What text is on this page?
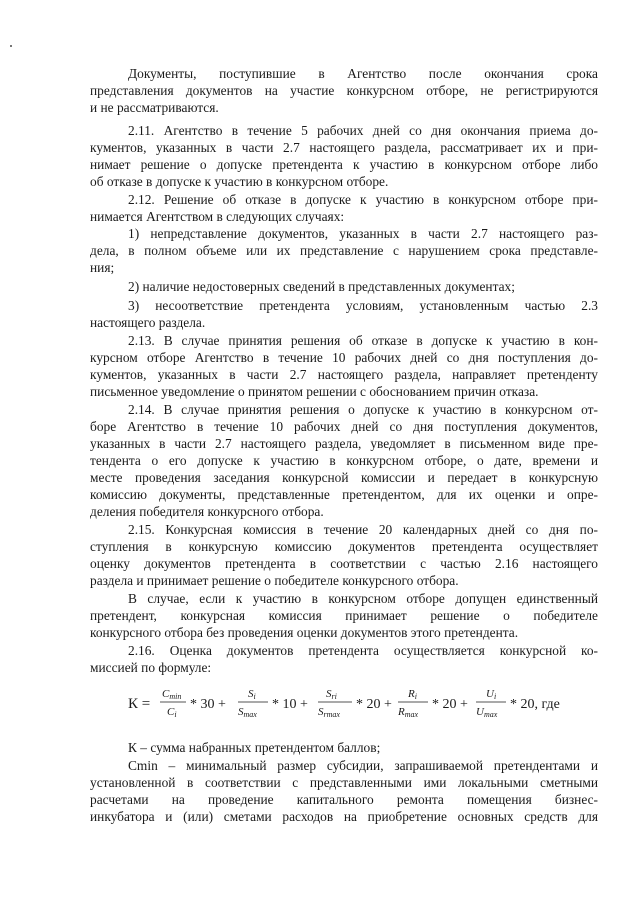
Документы, поступившие в Агентство после окончания срока
представления документов на участие конкурсном отборе, не регистрируются
и не рассматриваются.
2.11. Агентство в течение 5 рабочих дней со дня окончания приема до-
кументов, указанных в части 2.7 настоящего раздела, рассматривает их и при-
нимает решение о допуске претендента к участию в конкурсном отборе либо
об отказе в допуске к участию в конкурсном отборе.
2.12. Решение об отказе в допуске к участию в конкурсном отборе при-
нимается Агентством в следующих случаях:
1) непредставление документов, указанных в части 2.7 настоящего раз-
дела, в полном объеме или их представление с нарушением срока представле-
ния;
2) наличие недостоверных сведений в представленных документах;
3) несоответствие претендента условиям, установленным частью 2.3
настоящего раздела.
2.13. В случае принятия решения об отказе в допуске к участию в кон-
курсном отборе Агентство в течение 10 рабочих дней со дня поступления до-
кументов, указанных в части 2.7 настоящего раздела, направляет претенденту
письменное уведомление о принятом решении с обоснованием причин отказа.
2.14. В случае принятия решения о допуске к участию в конкурсном от-
боре Агентство в течение 10 рабочих дней со дня поступления документов,
указанных в части 2.7 настоящего раздела, уведомляет в письменном виде пре-
тендента о его допуске к участию в конкурсном отборе, о дате, времени и
месте проведения заседания конкурсной комиссии и передает в конкурсную
комиссию документы, представленные претендентом, для их оценки и опре-
деления победителя конкурсного отбора.
2.15. Конкурсная комиссия в течение 20 календарных дней со дня по-
ступления в конкурсную комиссию документов претендента осуществляет
оценку документов претендента в соответствии с частью 2.16 настоящего
раздела и принимает решение о победителе конкурсного отбора.
В случае, если к участию в конкурсном отборе допущен единственный
претендент, конкурсная комиссия принимает решение о победителе
конкурсного отбора без проведения оценки документов этого претендента.
2.16. Оценка документов претендента осуществляется конкурсной ко-
миссией по формуле:
К =
Cmin
Ci
* 30 +
Si
Smax
* 10 +
Sri
Srmax
* 20 +
Ri
Rmax
* 20 +
Ui
Umax
* 20, где
К – сумма набранных претендентом баллов;
Cmin – минимальный размер субсидии, запрашиваемой претендентами и
установленной в соответствии с представленными ими локальными сметными
расчетами на проведение капитального ремонта помещения бизнес-
инкубатора и (или) сметами расходов на приобретение основных средств для
